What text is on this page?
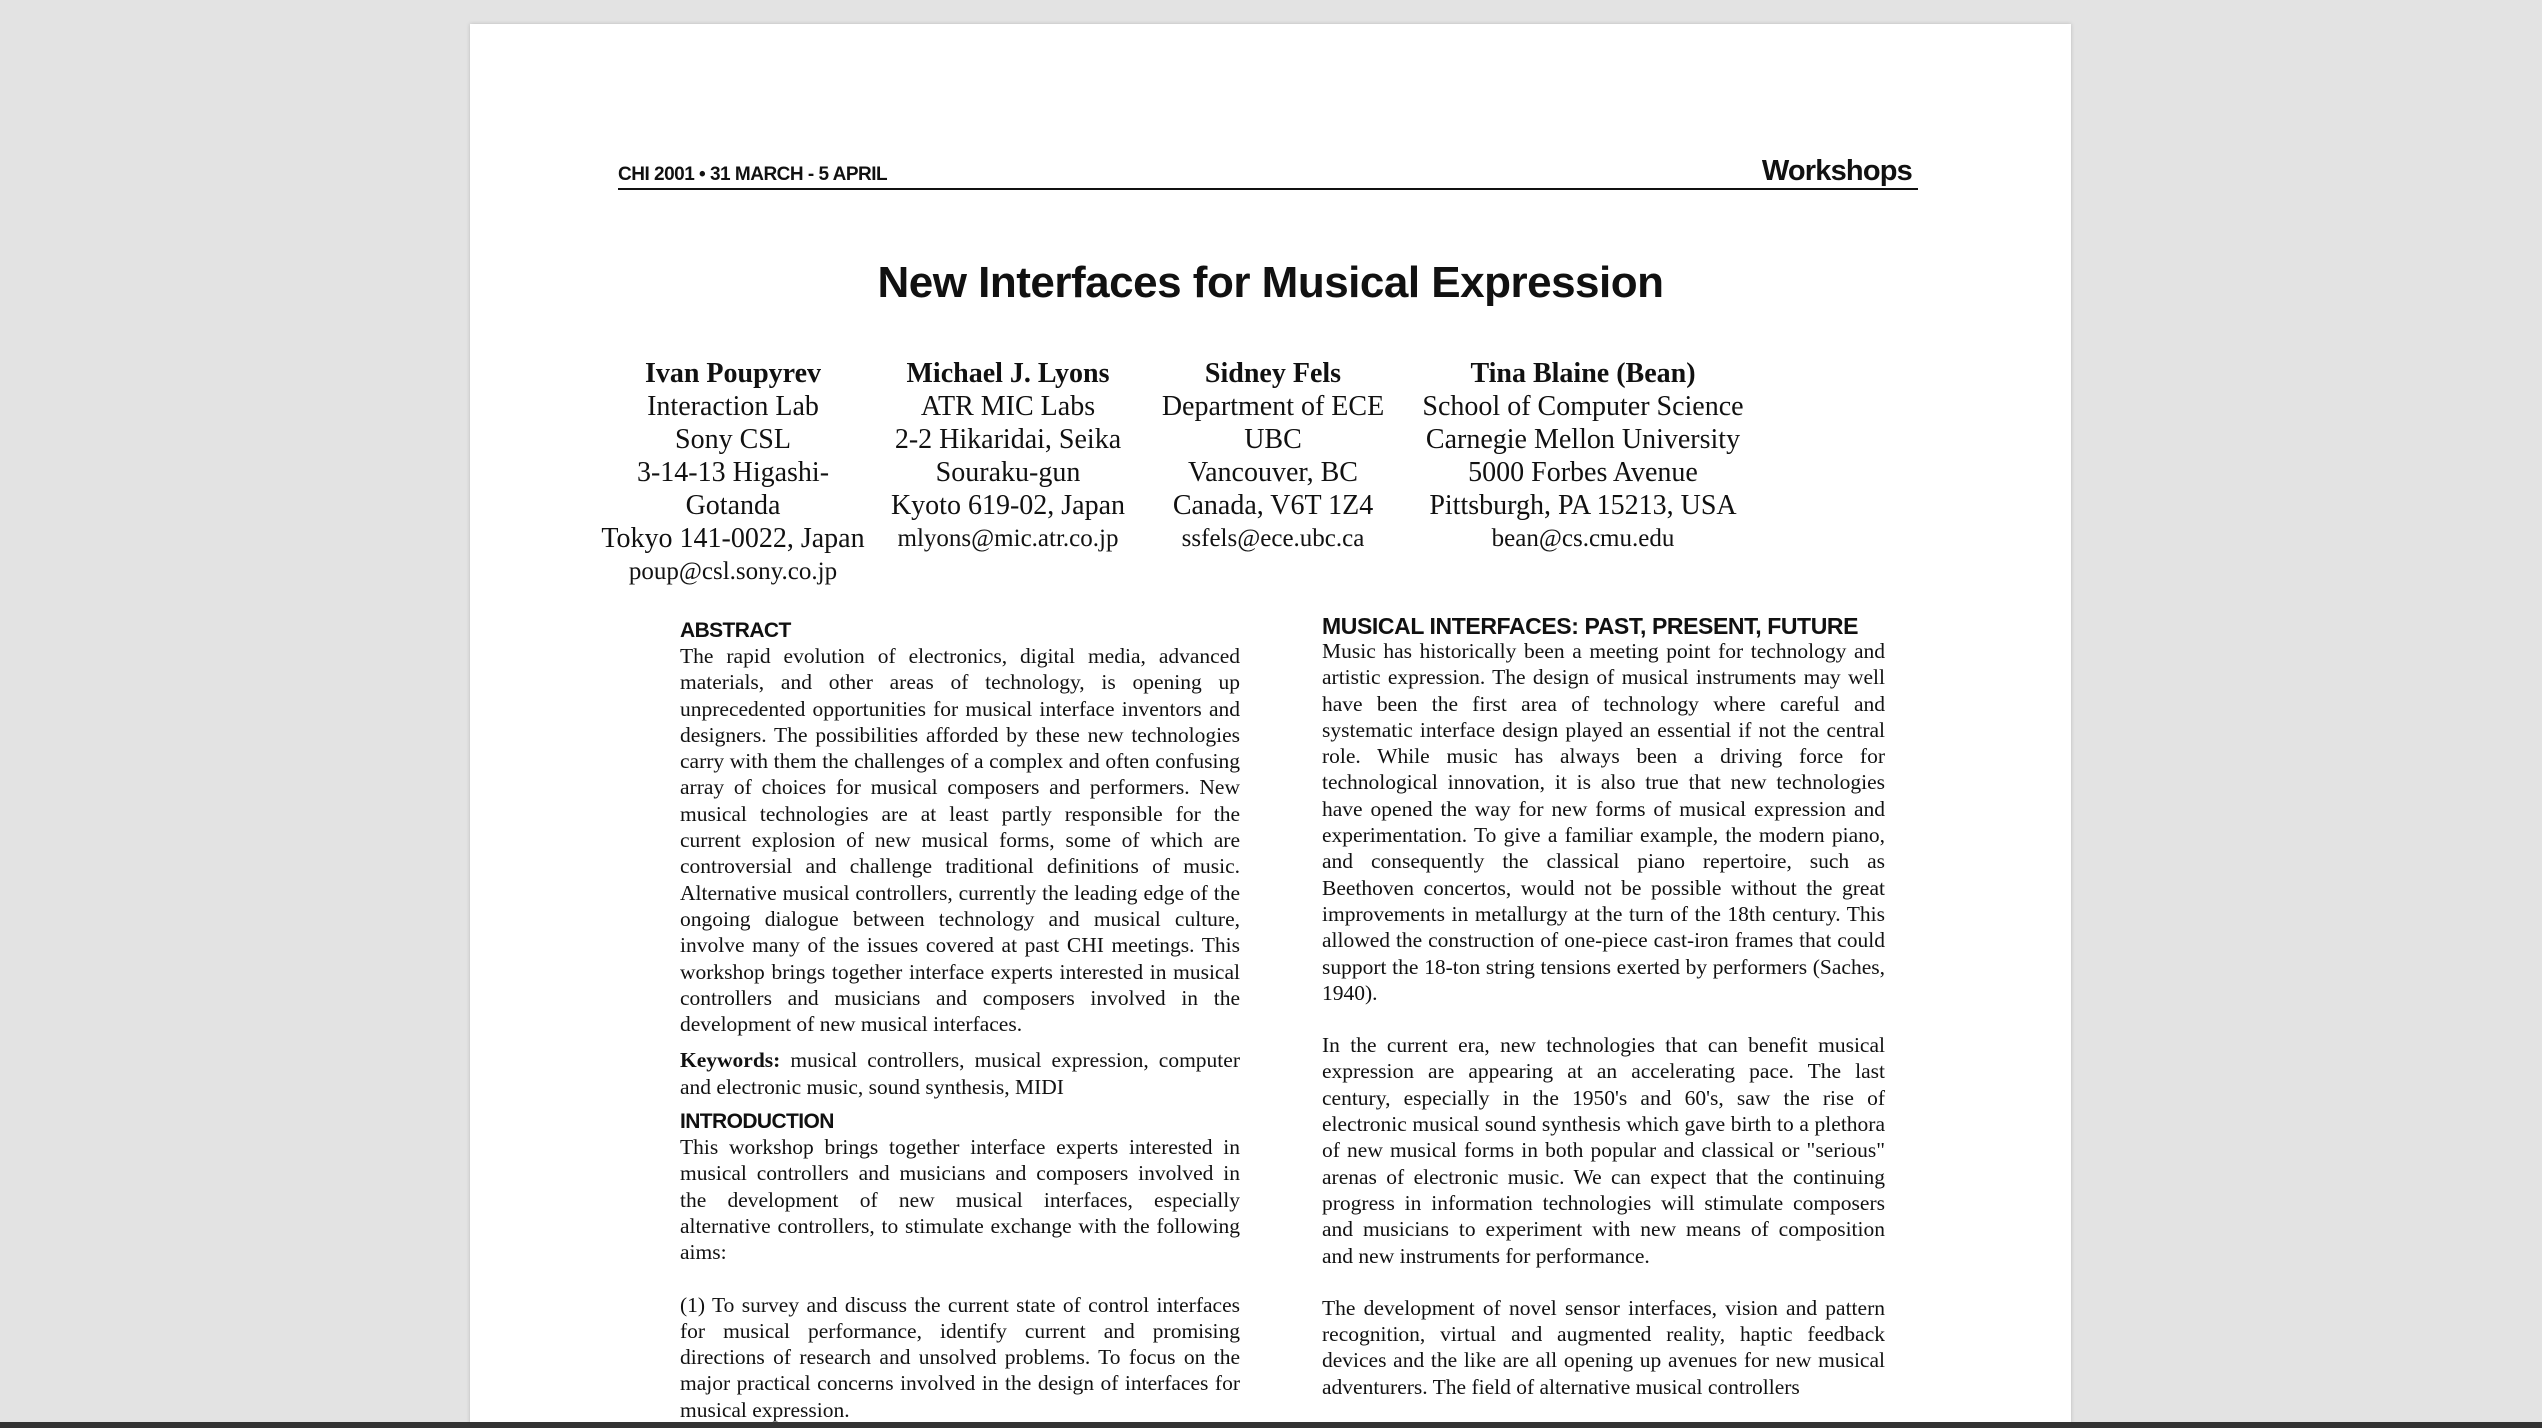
CHI 2001 • 31 MARCH - 5 APRIL	Workshops
New Interfaces for Musical Expression
Ivan Poupyrev
Interaction Lab
Sony CSL
3-14-13 Higashi-Gotanda
Tokyo 141-0022, Japan
poup@csl.sony.co.jp
Michael J. Lyons
ATR MIC Labs
2-2 Hikaridai, Seika
Souraku-gun
Kyoto 619-02, Japan
mlyons@mic.atr.co.jp
Sidney Fels
Department of ECE
UBC
Vancouver, BC
Canada, V6T 1Z4
ssfels@ece.ubc.ca
Tina Blaine (Bean)
School of Computer Science
Carnegie Mellon University
5000 Forbes Avenue
Pittsburgh, PA 15213, USA
bean@cs.cmu.edu
ABSTRACT

The rapid evolution of electronics, digital media, advanced materials, and other areas of technology, is opening up unprecedented opportunities for musical interface inventors and designers. The possibilities afforded by these new technologies carry with them the challenges of a complex and often confusing array of choices for musical composers and performers. New musical technologies are at least partly responsible for the current explosion of new musical forms, some of which are controversial and challenge traditional definitions of music. Alternative musical controllers, currently the leading edge of the ongoing dialogue between technology and musical culture, involve many of the issues covered at past CHI meetings. This workshop brings together interface experts interested in musical controllers and musicians and composers involved in the development of new musical interfaces.

Keywords: musical controllers, musical expression, computer and electronic music, sound synthesis, MIDI

INTRODUCTION

This workshop brings together interface experts interested in musical controllers and musicians and composers involved in the development of new musical interfaces, especially alternative controllers, to stimulate exchange with the following aims:

(1) To survey and discuss the current state of control interfaces for musical performance, identify current and promising directions of research and unsolved problems. To focus on the major practical concerns involved in the design of interfaces for musical expression.

MUSICAL INTERFACES: PAST, PRESENT, FUTURE

Music has historically been a meeting point for technology and artistic expression. The design of musical instruments may well have been the first area of technology where careful and systematic interface design played an essential if not the central role. While music has always been a driving force for technological innovation, it is also true that new technologies have opened the way for new forms of musical expression and experimentation. To give a familiar example, the modern piano, and consequently the classical piano repertoire, such as Beethoven concertos, would not be possible without the great improvements in metallurgy at the turn of the 18th century. This allowed the construction of one-piece cast-iron frames that could support the 18-ton string tensions exerted by performers (Saches, 1940).

In the current era, new technologies that can benefit musical expression are appearing at an accelerating pace. The last century, especially in the 1950's and 60's, saw the rise of electronic musical sound synthesis which gave birth to a plethora of new musical forms in both popular and classical or "serious" arenas of electronic music. We can expect that the continuing progress in information technologies will stimulate composers and musicians to experiment with new means of composition and new instruments for performance.

The development of novel sensor interfaces, vision and pattern recognition, virtual and augmented reality, haptic feedback devices and the like are all opening up avenues for new musical adventurers. The field of alternative musical controllers
